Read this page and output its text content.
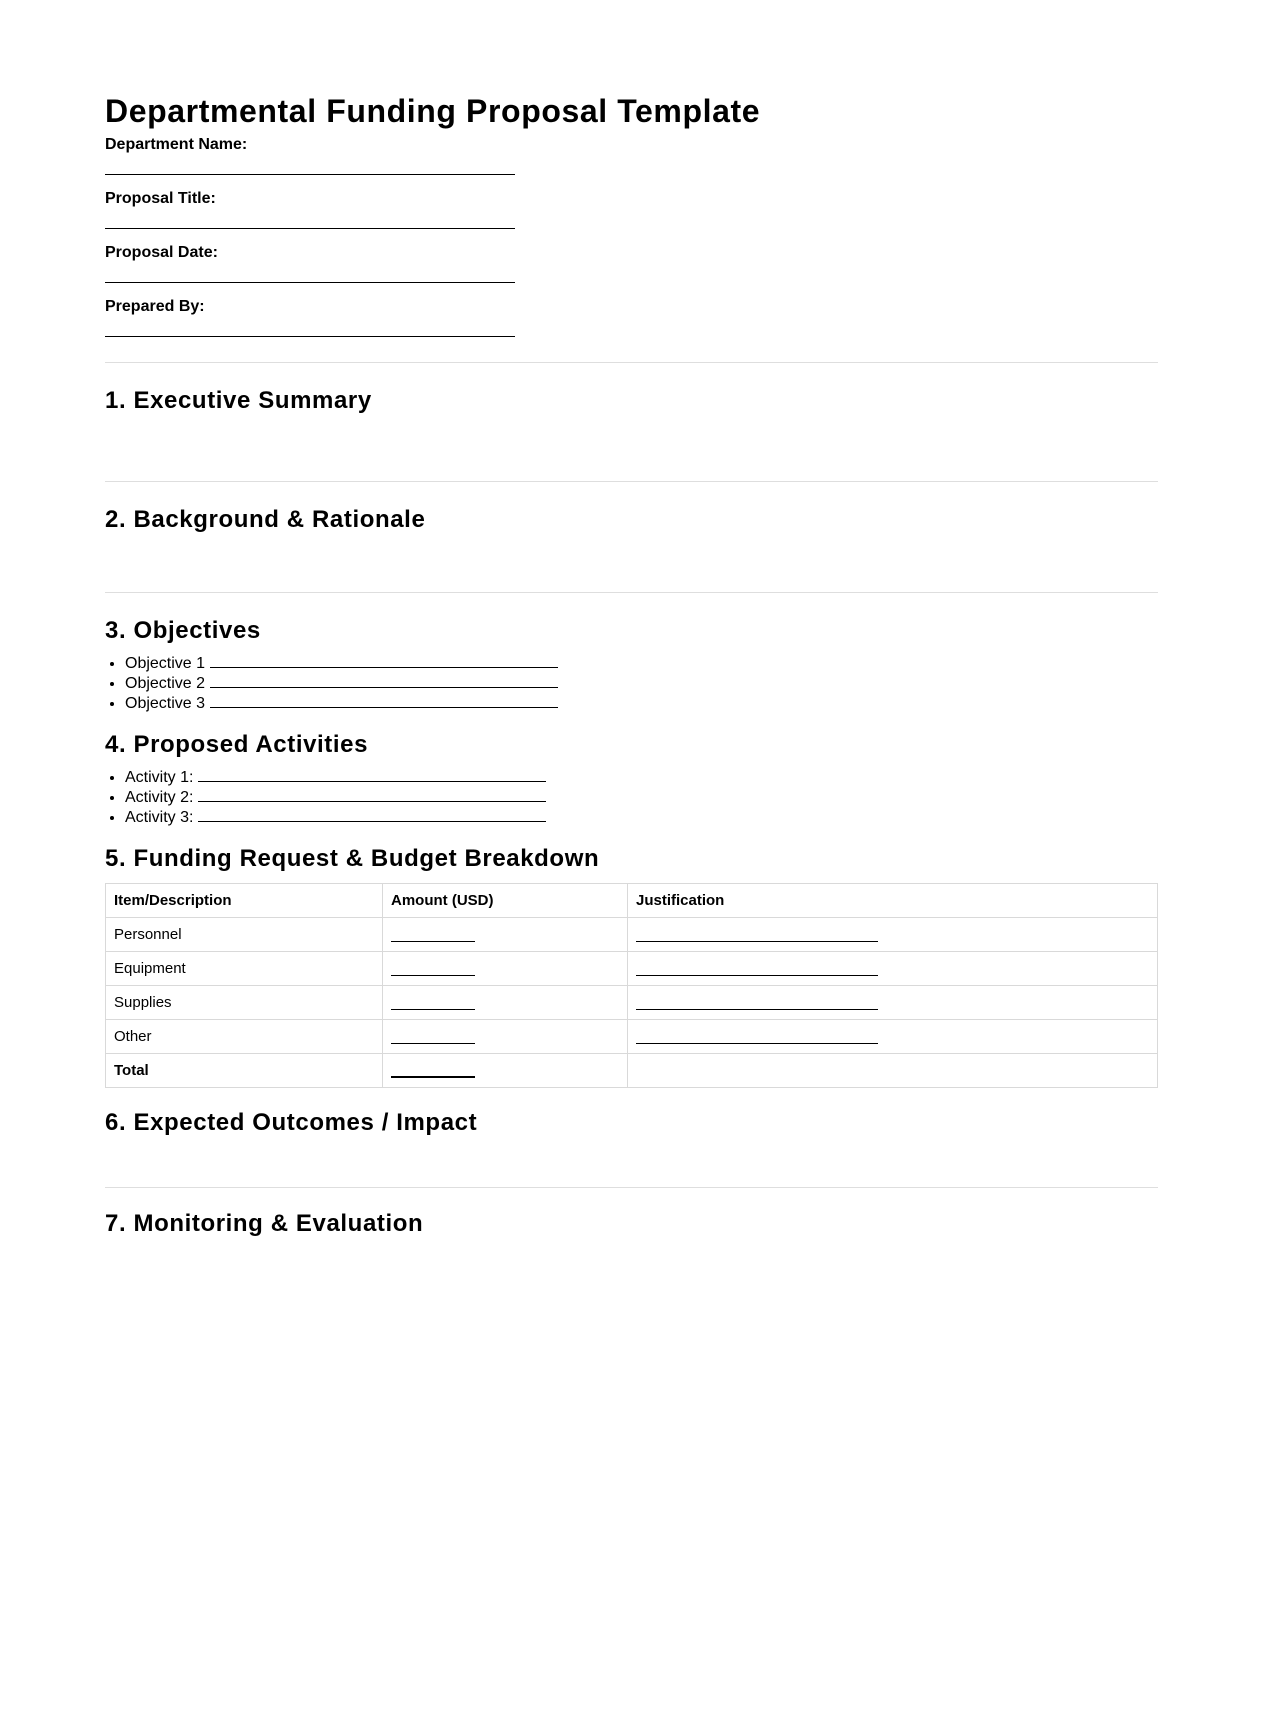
Departmental Funding Proposal Template
Department Name:
Proposal Title:
Proposal Date:
Prepared By:
1. Executive Summary
2. Background & Rationale
3. Objectives
• Objective 1
• Objective 2
• Objective 3
4. Proposed Activities
• Activity 1:
• Activity 2:
• Activity 3:
5. Funding Request & Budget Breakdown
Item/Description	Amount (USD)	Justification
Personnel		
Equipment		
Supplies		
Other		
Total		
6. Expected Outcomes / Impact
7. Monitoring & Evaluation
